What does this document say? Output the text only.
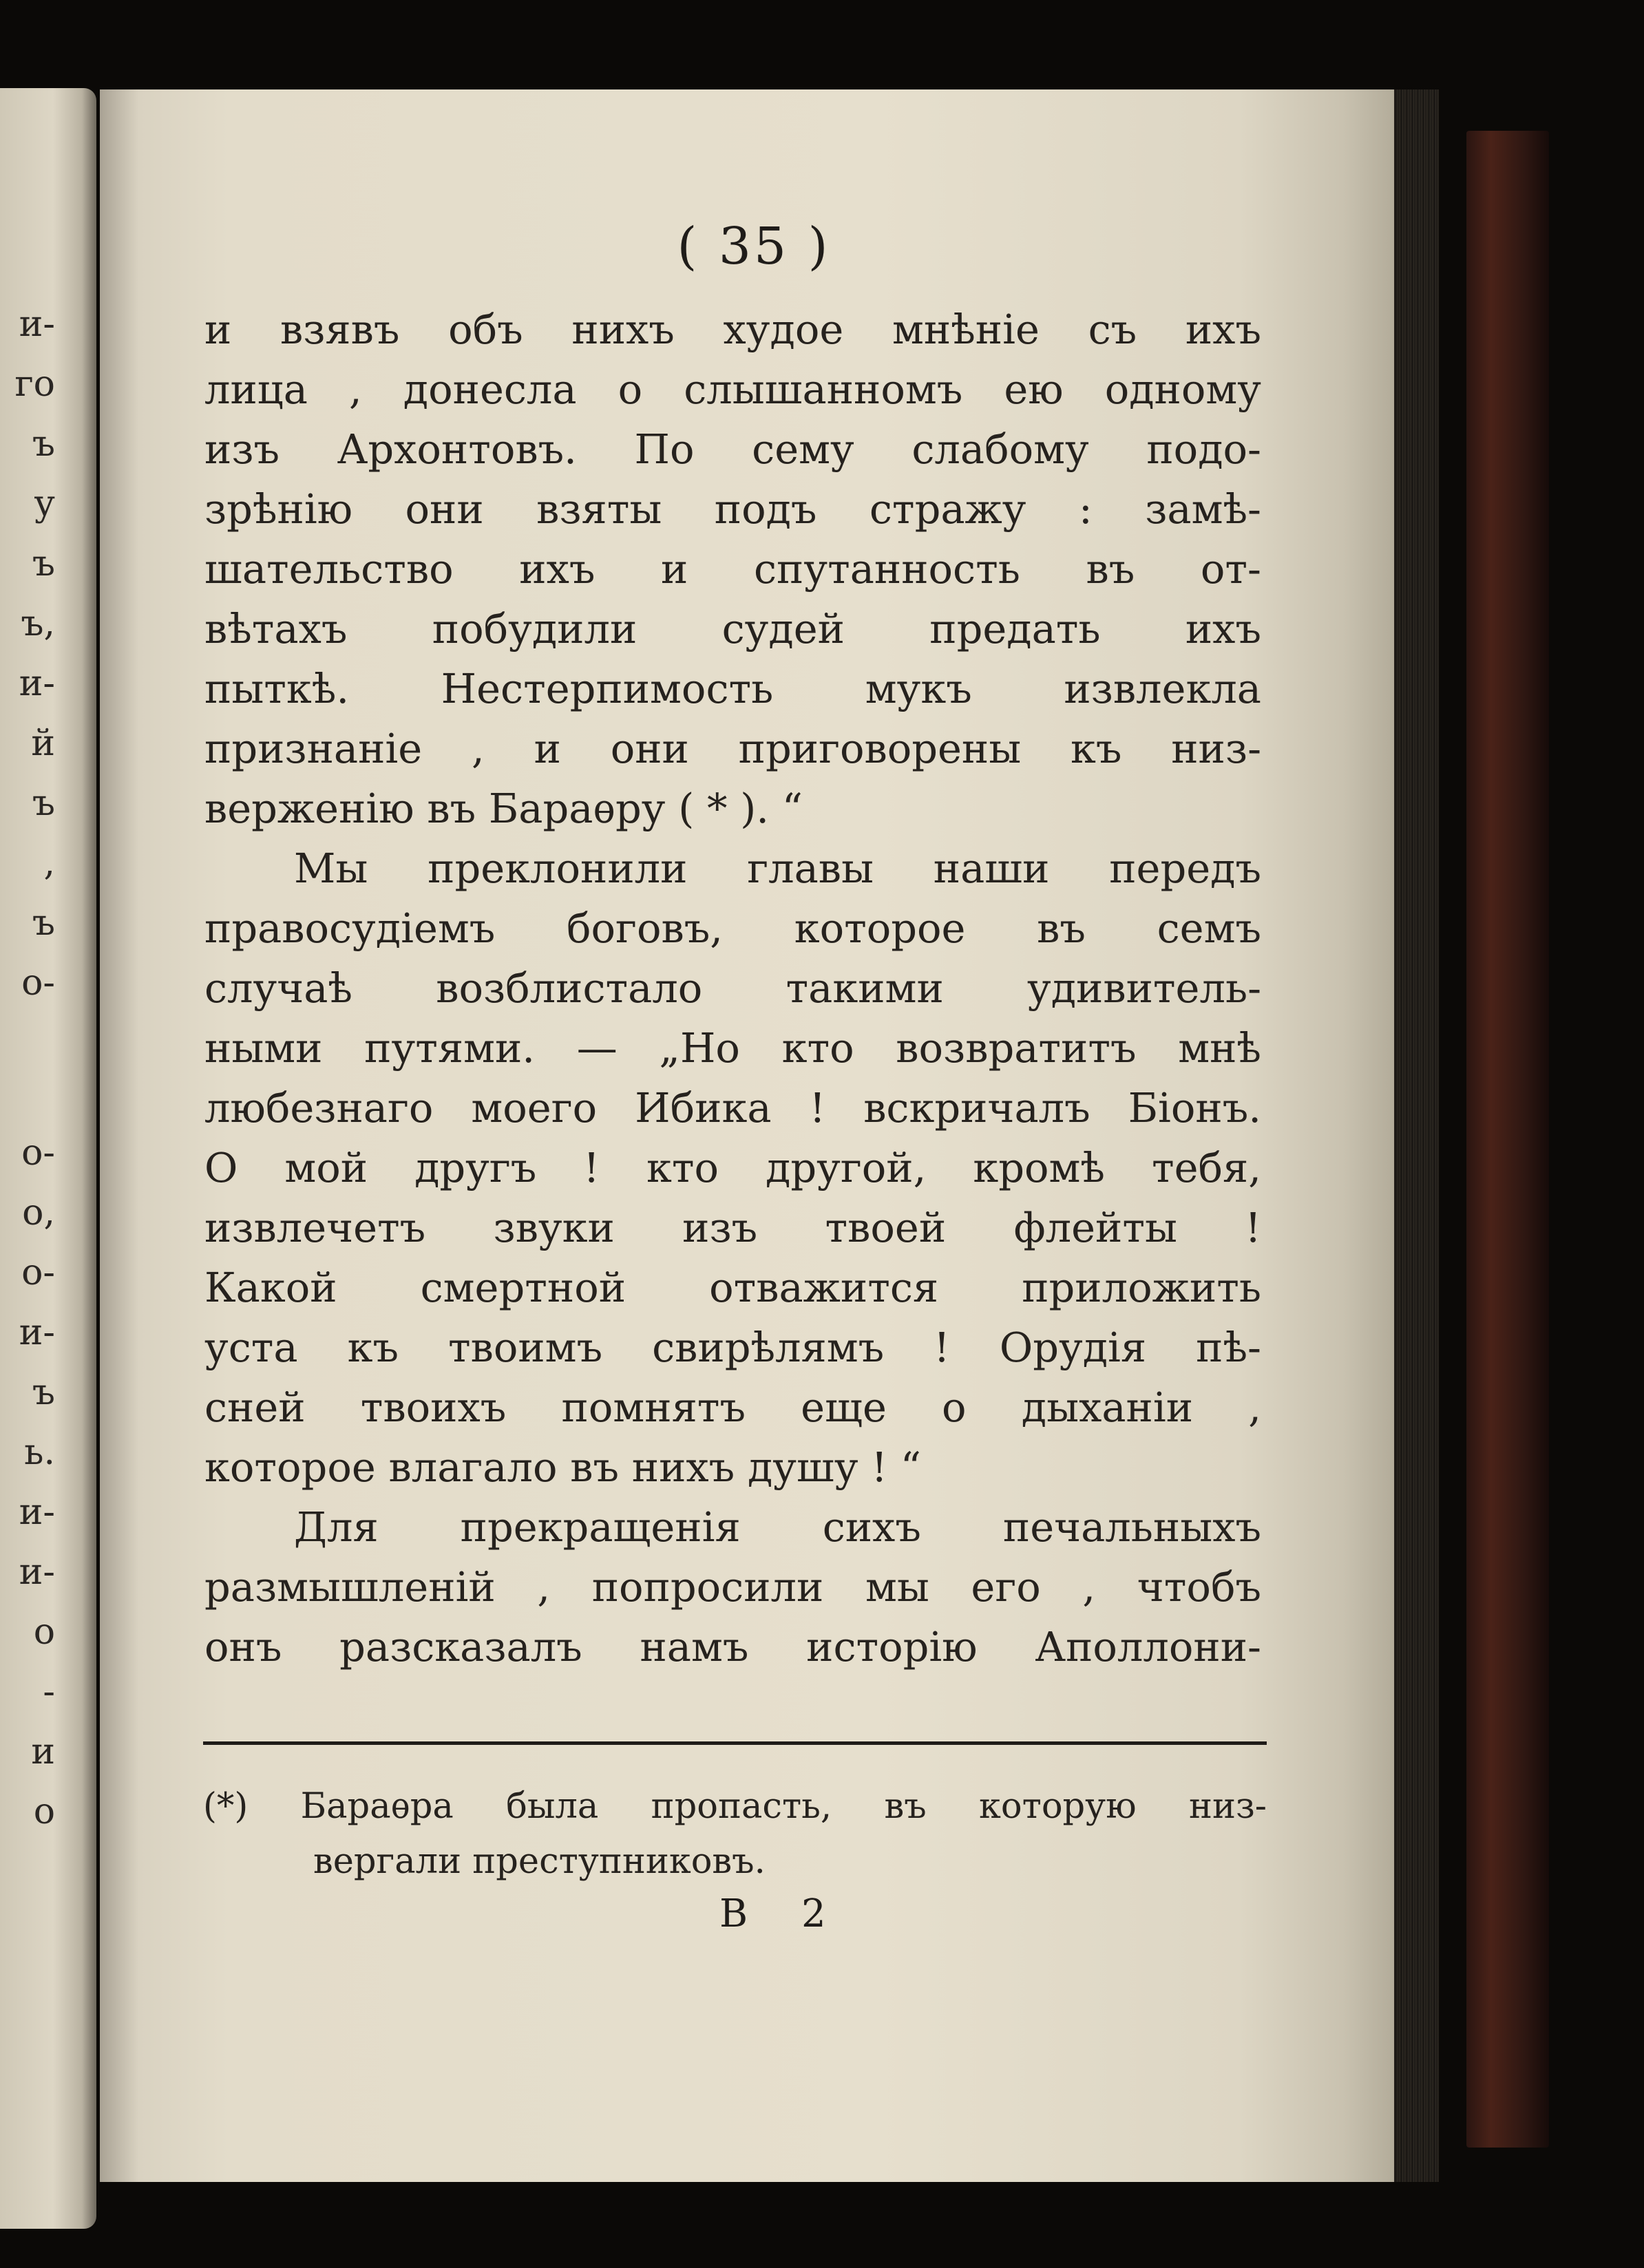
и-
го
ъ
у
ъ
ъ,
и-
й
ъ
,
ъ
о-
о-
о,
о-
и-
ъ
ь.
и-
и-
о
-
и
о
( 35 )
и взявъ объ нихъ худое мнѣніе съ ихъ
лица , донесла о слышанномъ ею одному
изъ Архонтовъ. По сему слабому подо-
зрѣнію они взяты подъ стражу : замѣ-
шательство ихъ и спутанность въ от-
вѣтахъ побудили судей предать ихъ
пыткѣ. Нестерпимость мукъ извлекла
признаніе , и они приговорены къ низ-
верженію въ Бараѳру ( * ). “
Мы преклонили главы наши передъ
правосудіемъ боговъ, которое въ семъ
случаѣ возблистало такими удивитель-
ными путями. — „Но кто возвратитъ мнѣ
любезнаго моего Ибика ! вскричалъ Біонъ.
О мой другъ ! кто другой, кромѣ тебя,
извлечетъ звуки изъ твоей флейты !
Какой смертной отважится приложить
уста къ твоимъ свирѣлямъ ! Орудія пѣ-
сней твоихъ помнятъ еще о дыханіи ,
которое влагало въ нихъ душу ! “
Для прекращенія сихъ печальныхъ
размышленій , попросили мы его , чтобъ
онъ разсказалъ намъ исторію Аполлони-
(*) Бараѳра была пропасть, въ которую низ-
вергали преступниковъ.
В 2
